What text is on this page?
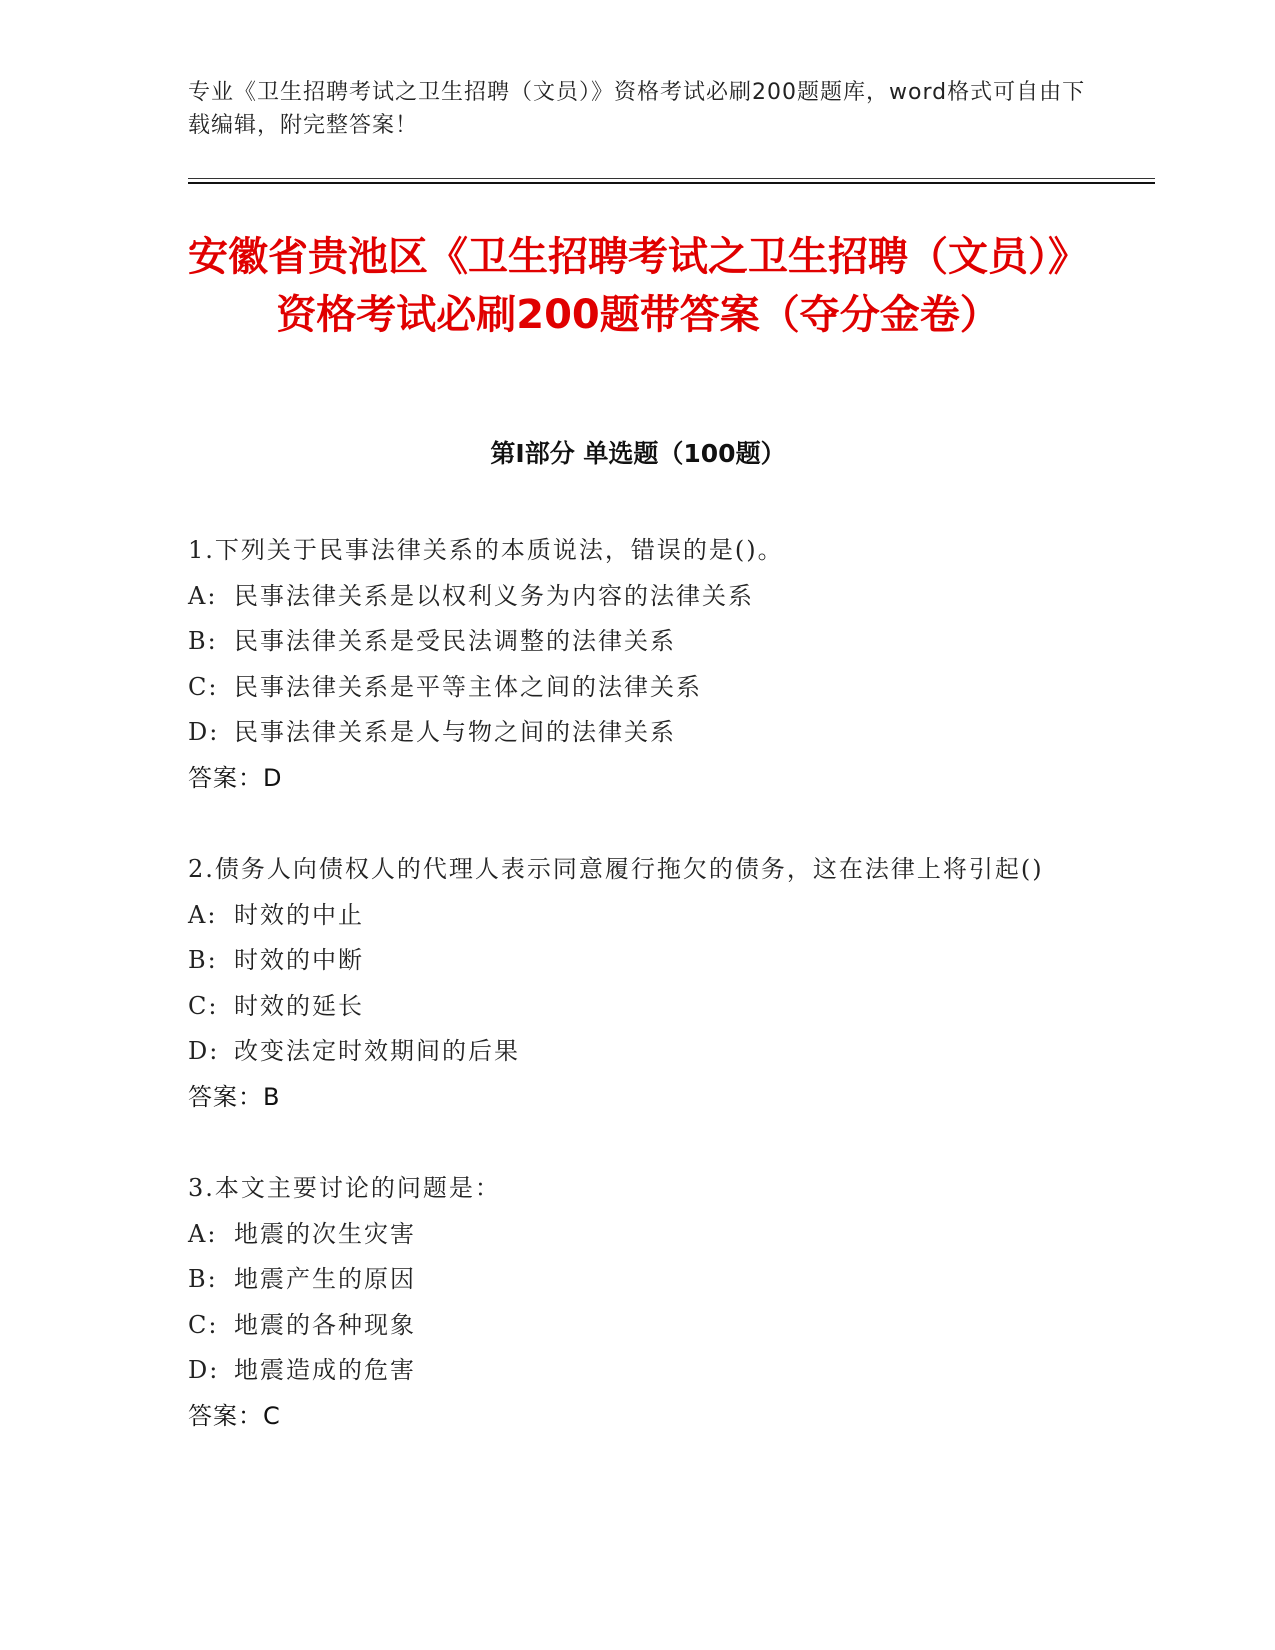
专业《卫生招聘考试之卫生招聘（文员）》资格考试必刷200题题库，word格式可自由下载编辑，附完整答案！
安徽省贵池区《卫生招聘考试之卫生招聘（文员）》资格考试必刷200题带答案（夺分金卷）
第I部分 单选题（100题）
1.下列关于民事法律关系的本质说法，错误的是()。
A: 民事法律关系是以权利义务为内容的法律关系
B: 民事法律关系是受民法调整的法律关系
C: 民事法律关系是平等主体之间的法律关系
D: 民事法律关系是人与物之间的法律关系
答案：D
2.债务人向债权人的代理人表示同意履行拖欠的债务，这在法律上将引起()
A: 时效的中止
B: 时效的中断
C: 时效的延长
D: 改变法定时效期间的后果
答案：B
3.本文主要讨论的问题是：
A: 地震的次生灾害
B: 地震产生的原因
C: 地震的各种现象
D: 地震造成的危害
答案：C
